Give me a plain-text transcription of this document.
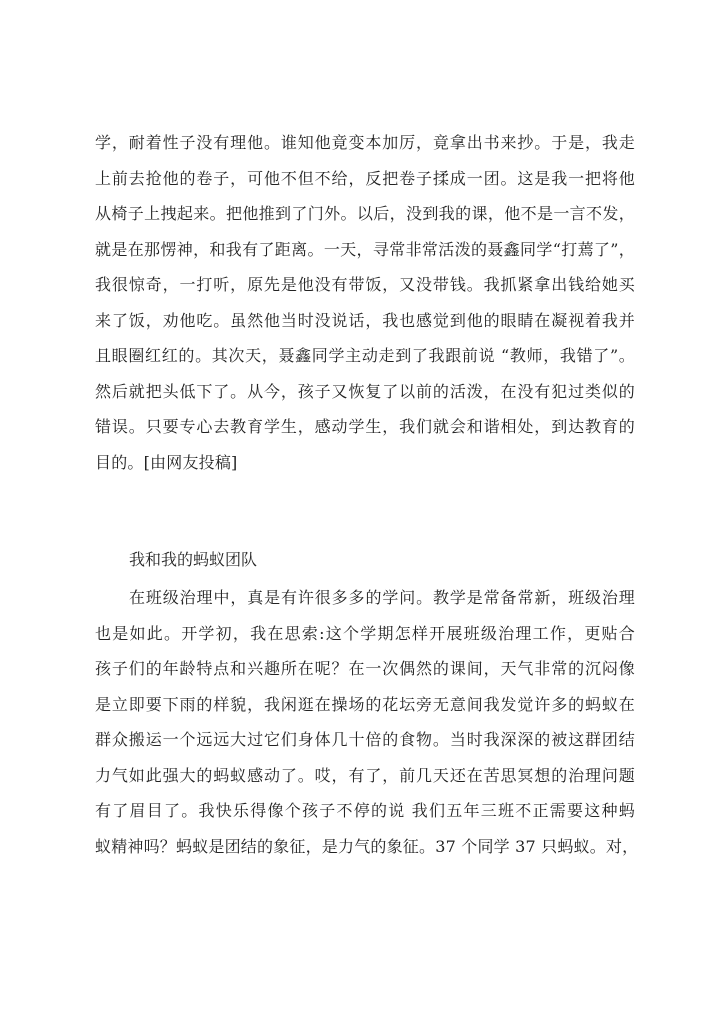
学，耐着性子没有理他。谁知他竟变本加厉，竟拿出书来抄。于是，我走
上前去抢他的卷子，可他不但不给，反把卷子揉成一团。这是我一把将他
从椅子上拽起来。把他推到了门外。以后，没到我的课，他不是一言不发，
就是在那愣神，和我有了距离。一天，寻常非常活泼的聂鑫同学“打蔫了”，
我很惊奇，一打听，原先是他没有带饭，又没带钱。我抓紧拿出钱给她买
来了饭，劝他吃。虽然他当时没说话，我也感觉到他的眼睛在凝视着我并
且眼圈红红的。其次天，聂鑫同学主动走到了我跟前说 “教师，我错了”。
然后就把头低下了。从今，孩子又恢复了以前的活泼，在没有犯过类似的
错误。只要专心去教育学生，感动学生，我们就会和谐相处，到达教育的
目的。[由网友投稿]
我和我的蚂蚁团队
在班级治理中，真是有许很多多的学问。教学是常备常新，班级治理
也是如此。开学初，我在思索:这个学期怎样开展班级治理工作，更贴合
孩子们的年龄特点和兴趣所在呢？在一次偶然的课间，天气非常的沉闷像
是立即要下雨的样貌，我闲逛在操场的花坛旁无意间我发觉许多的蚂蚁在
群众搬运一个远远大过它们身体几十倍的食物。当时我深深的被这群团结
力气如此强大的蚂蚁感动了。哎，有了，前几天还在苦思冥想的治理问题
有了眉目了。我快乐得像个孩子不停的说 我们五年三班不正需要这种蚂
蚁精神吗？蚂蚁是团结的象征，是力气的象征。37 个同学 37 只蚂蚁。对，
